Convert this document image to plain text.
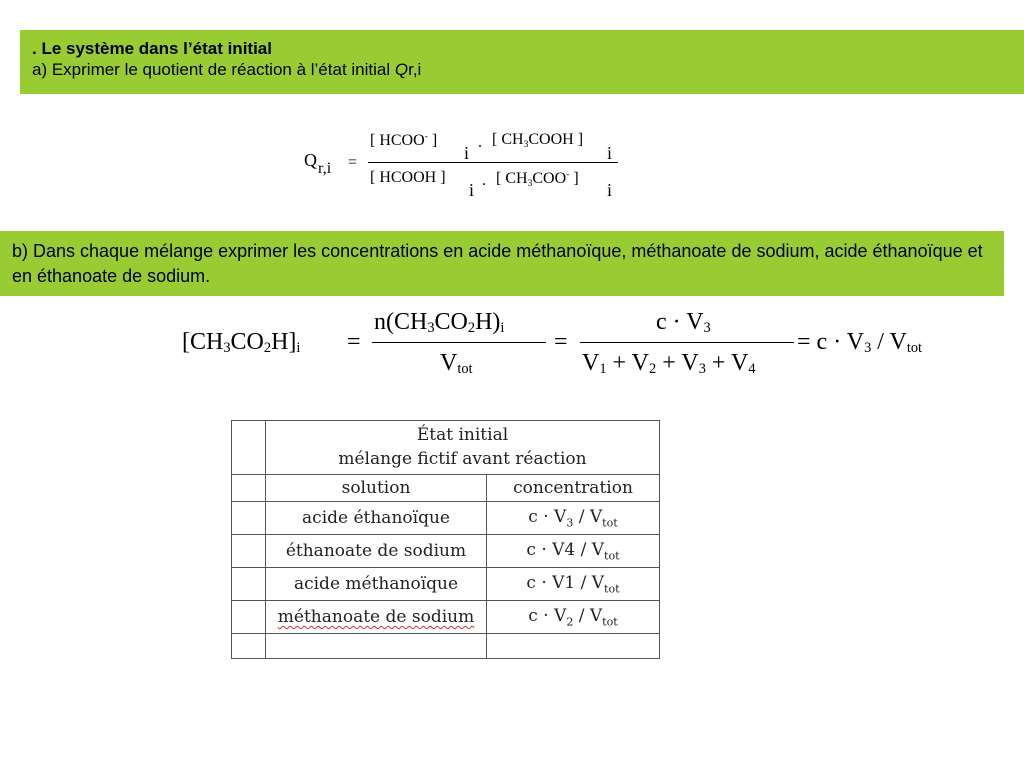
. Le système dans l’état initial
a) Exprimer le quotient de réaction à l’état initial Qr,i
Q r,i =
[ HCOO- ]
i
. [ $CH_3COOH$ ]
i
[ HCOOH ]
i . [ $CH_3COO^-$ ]
i
b) Dans chaque mélange exprimer les concentrations en acide méthanoïque, méthanoate de sodium, acide éthanoïque et en éthanoate de sodium.
$[CH_3CO_2H]_i$ =
$n(CH_3CO_2H)_i$
$V_{tot}$
=
$c \cdot V_3$
$V_1 + V_2 + V_3 + V_4$
= $c \cdot V_3 / V_{tot}$

	État initial
mélange fictif avant réaction	

	solution	concentration
	acide éthanoïque	$c \cdot V_3 / V_{tot}$
	éthanoate de sodium	$c \cdot V4 / V_{tot}$
	acide méthanoïque	$c \cdot V1 / V_{tot}$
	méthanoate de sodium	$c \cdot V_2 / V_{tot}$
